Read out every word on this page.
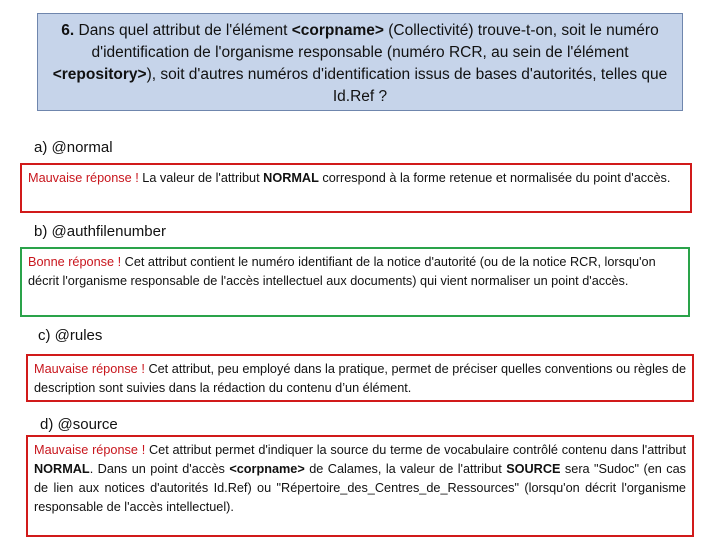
6. Dans quel attribut de l'élément <corpname> (Collectivité) trouve-t-on, soit le numéro d'identification de l'organisme responsable (numéro RCR, au sein de l'élément <repository>), soit d'autres numéros d'identification issus de bases d'autorités, telles que Id.Ref ?
a) @normal
Mauvaise réponse ! La valeur de l'attribut NORMAL correspond à la forme retenue et normalisée du point d'accès.
b) @authfilenumber
Bonne réponse ! Cet attribut contient le numéro identifiant de la notice d'autorité (ou de la notice RCR, lorsqu'on décrit l'organisme responsable de l'accès intellectuel aux documents) qui vient normaliser un point d'accès.
c) @rules
Mauvaise réponse ! Cet attribut, peu employé dans la pratique, permet de préciser quelles conventions ou règles de description sont suivies dans la rédaction du contenu d’un élément.
d) @source
Mauvaise réponse ! Cet attribut permet d'indiquer la source du terme de vocabulaire contrôlé contenu dans l'attribut NORMAL. Dans un point d'accès <corpname> de Calames, la valeur de l'attribut SOURCE sera "Sudoc" (en cas de lien aux notices d'autorités Id.Ref) ou "Répertoire_des_Centres_de_Ressources" (lorsqu'on décrit l'organisme responsable de l'accès intellectuel).
